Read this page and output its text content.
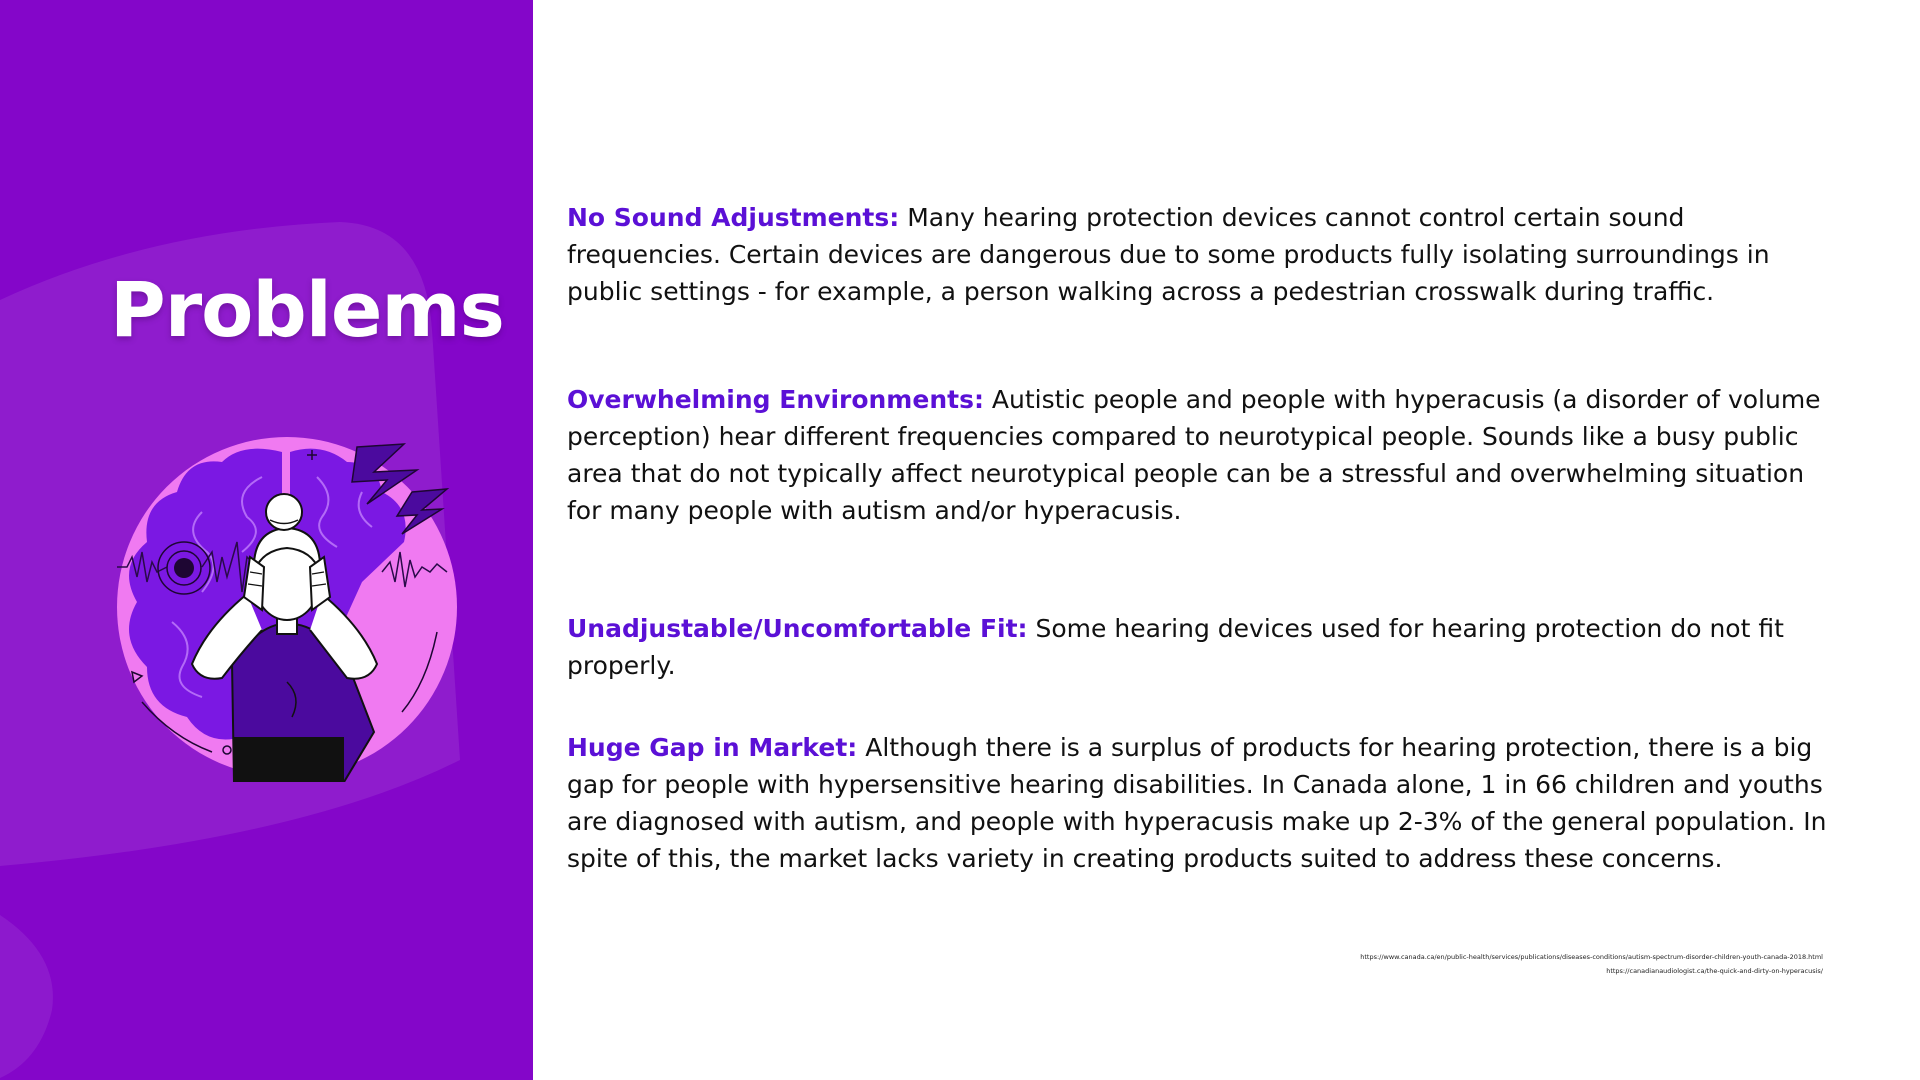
Problems

No Sound Adjustments: Many hearing protection devices cannot control certain sound frequencies. Certain devices are dangerous due to some products fully isolating surroundings in public settings - for example, a person walking across a pedestrian crosswalk during traffic.

Overwhelming Environments: Autistic people and people with hyperacusis (a disorder of volume perception) hear different frequencies compared to neurotypical people. Sounds like a busy public area that do not typically affect neurotypical people can be a stressful and overwhelming situation for many people with autism and/or hyperacusis.

Unadjustable/Uncomfortable Fit: Some hearing devices used for hearing protection do not fit properly.

Huge Gap in Market: Although there is a surplus of products for hearing protection, there is a big gap for people with hypersensitive hearing disabilities. In Canada alone, 1 in 66 children and youths are diagnosed with autism, and people with hyperacusis make up 2-3% of the general population. In spite of this, the market lacks variety in creating products suited to address these concerns.

https://www.canada.ca/en/public-health/services/publications/diseases-conditions/autism-spectrum-disorder-children-youth-canada-2018.html
https://canadianaudiologist.ca/the-quick-and-dirty-on-hyperacusis/
